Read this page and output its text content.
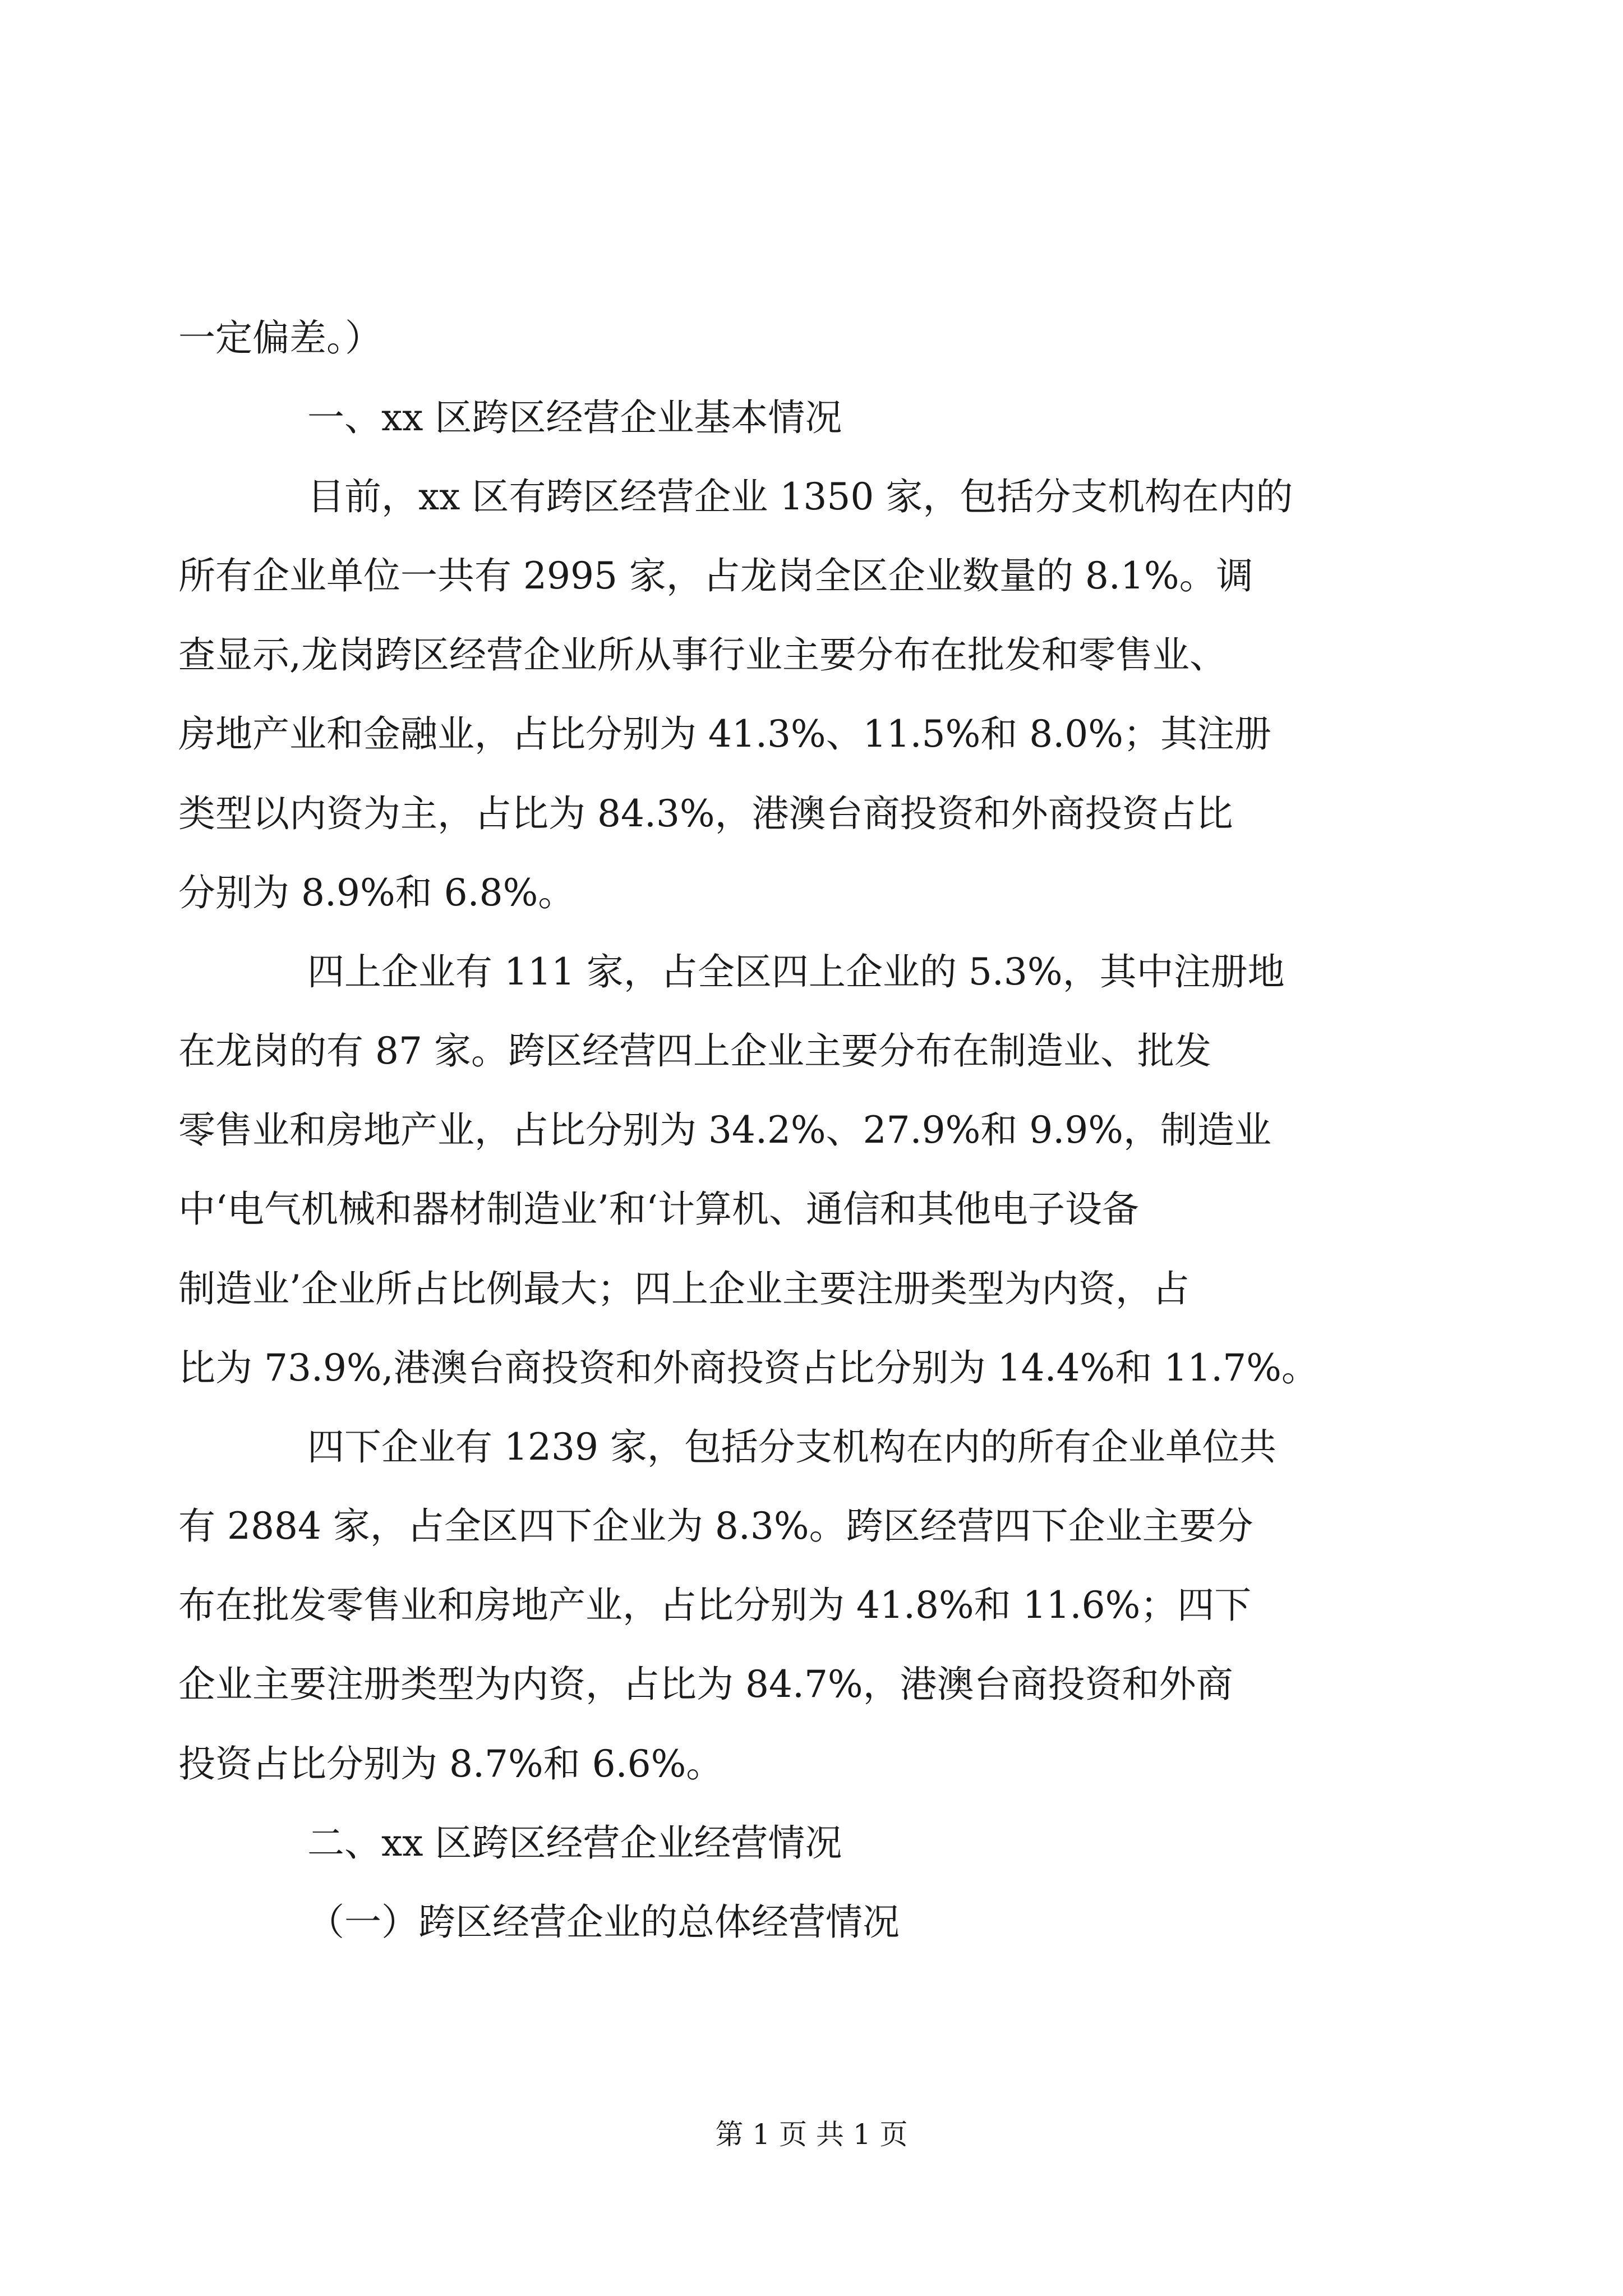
一定偏差。）

一、xx 区跨区经营企业基本情况

目前，xx 区有跨区经营企业 1350 家，包括分支机构在内的

所有企业单位一共有 2995 家，占龙岗全区企业数量的 8.1%。调

查显示,龙岗跨区经营企业所从事行业主要分布在批发和零售业、

房地产业和金融业，占比分别为 41.3%、11.5%和 8.0%；其注册

类型以内资为主，占比为 84.3%，港澳台商投资和外商投资占比

分别为 8.9%和 6.8%。

四上企业有 111 家，占全区四上企业的 5.3%，其中注册地

在龙岗的有 87 家。跨区经营四上企业主要分布在制造业、批发

零售业和房地产业，占比分别为 34.2%、27.9%和 9.9%，制造业

中‘电气机械和器材制造业’和‘计算机、通信和其他电子设备

制造业’企业所占比例最大；四上企业主要注册类型为内资，占

比为 73.9%,港澳台商投资和外商投资占比分别为 14.4%和 11.7%。

四下企业有 1239 家，包括分支机构在内的所有企业单位共

有 2884 家，占全区四下企业为 8.3%。跨区经营四下企业主要分

布在批发零售业和房地产业，占比分别为 41.8%和 11.6%；四下

企业主要注册类型为内资，占比为 84.7%，港澳台商投资和外商

投资占比分别为 8.7%和 6.6%。

二、xx 区跨区经营企业经营情况

（一）跨区经营企业的总体经营情况

第 1 页 共 1 页
